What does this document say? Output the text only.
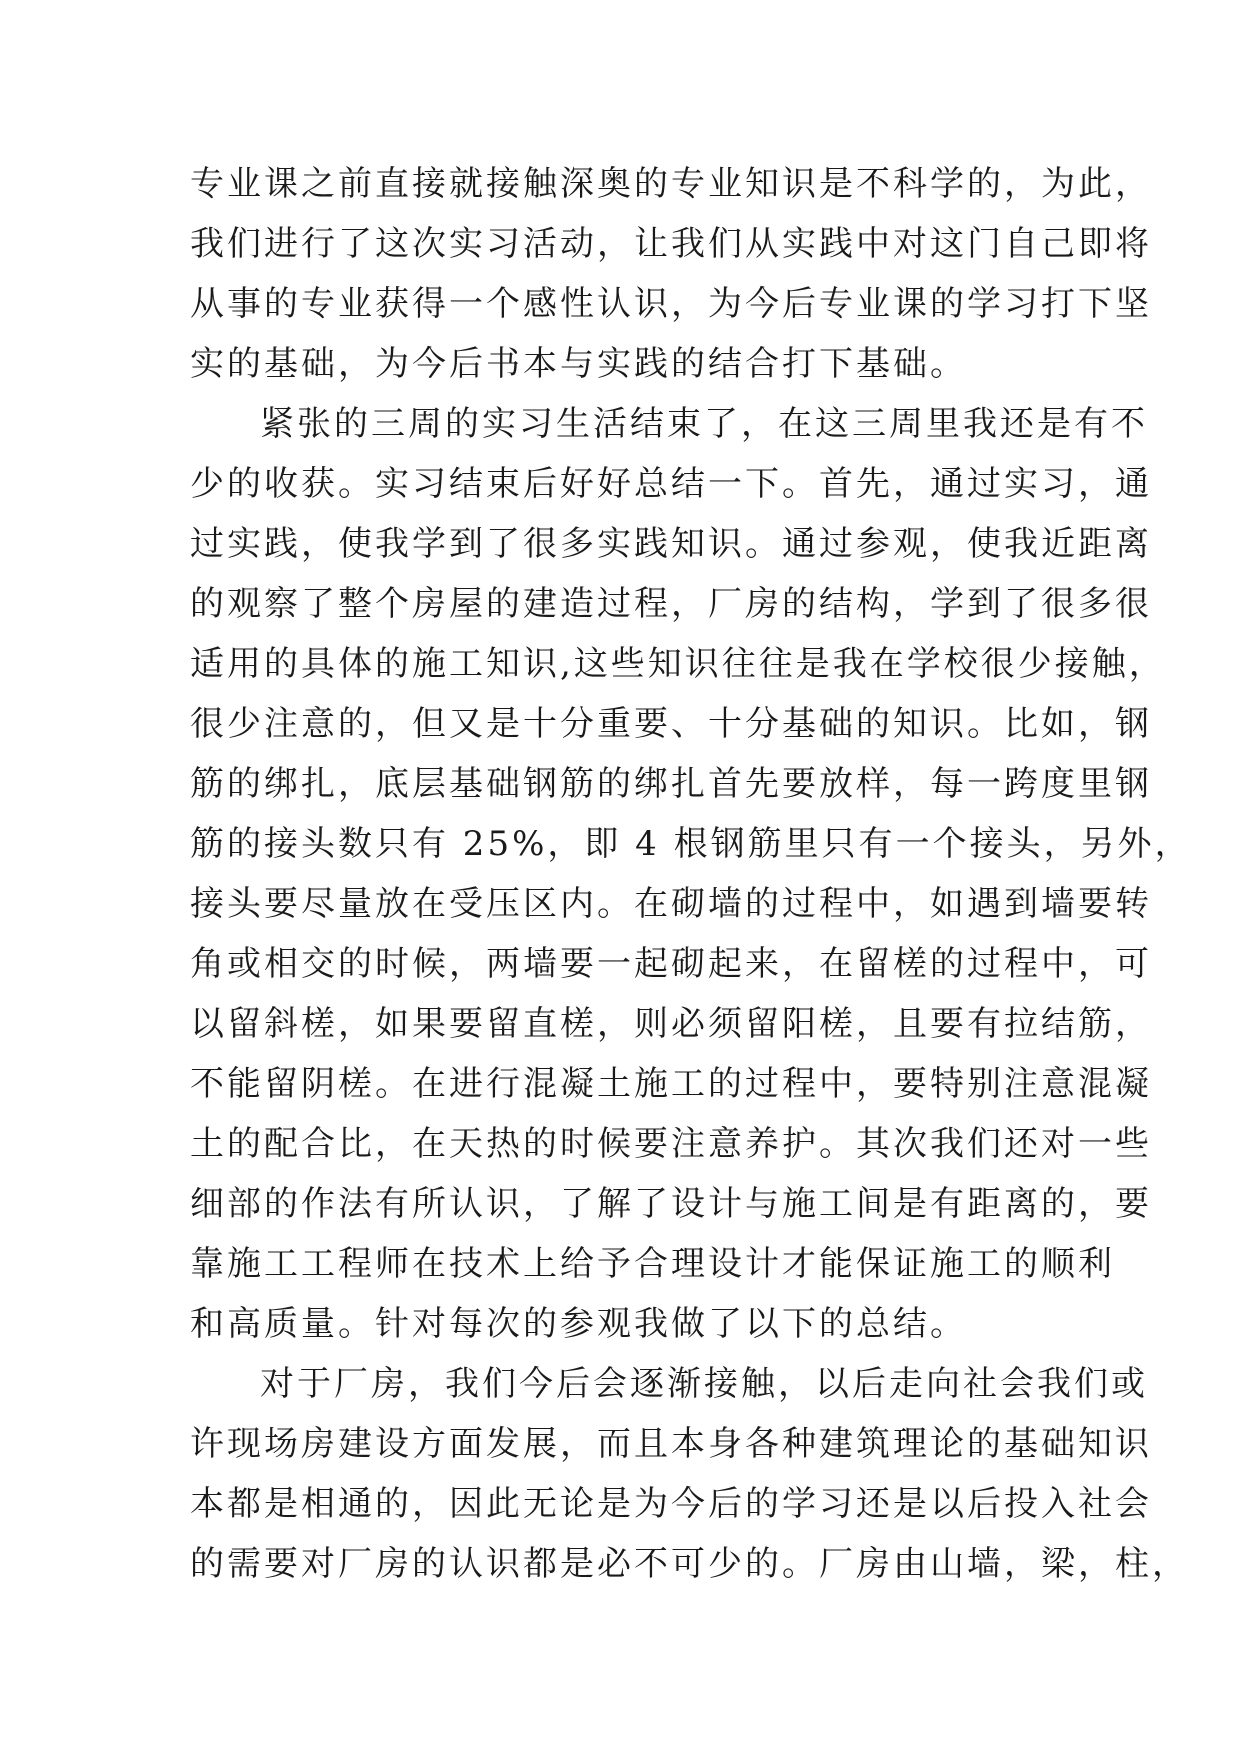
专业课之前直接就接触深奥的专业知识是不科学的，为此，
我们进行了这次实习活动，让我们从实践中对这门自己即将
从事的专业获得一个感性认识，为今后专业课的学习打下坚
实的基础，为今后书本与实践的结合打下基础。
紧张的三周的实习生活结束了，在这三周里我还是有不
少的收获。实习结束后好好总结一下。首先，通过实习，通
过实践，使我学到了很多实践知识。通过参观，使我近距离
的观察了整个房屋的建造过程，厂房的结构，学到了很多很
适用的具体的施工知识,这些知识往往是我在学校很少接触，
很少注意的，但又是十分重要、十分基础的知识。比如，钢
筋的绑扎，底层基础钢筋的绑扎首先要放样，每一跨度里钢
筋的接头数只有 25%，即 4 根钢筋里只有一个接头，另外，
接头要尽量放在受压区内。在砌墙的过程中，如遇到墙要转
角或相交的时候，两墙要一起砌起来，在留槎的过程中，可
以留斜槎，如果要留直槎，则必须留阳槎，且要有拉结筋，
不能留阴槎。在进行混凝土施工的过程中，要特别注意混凝
土的配合比，在天热的时候要注意养护。其次我们还对一些
细部的作法有所认识，了解了设计与施工间是有距离的，要
靠施工工程师在技术上给予合理设计才能保证施工的顺利
和高质量。针对每次的参观我做了以下的总结。
对于厂房，我们今后会逐渐接触，以后走向社会我们或
许现场房建设方面发展，而且本身各种建筑理论的基础知识
本都是相通的，因此无论是为今后的学习还是以后投入社会
的需要对厂房的认识都是必不可少的。厂房由山墙，梁，柱，
